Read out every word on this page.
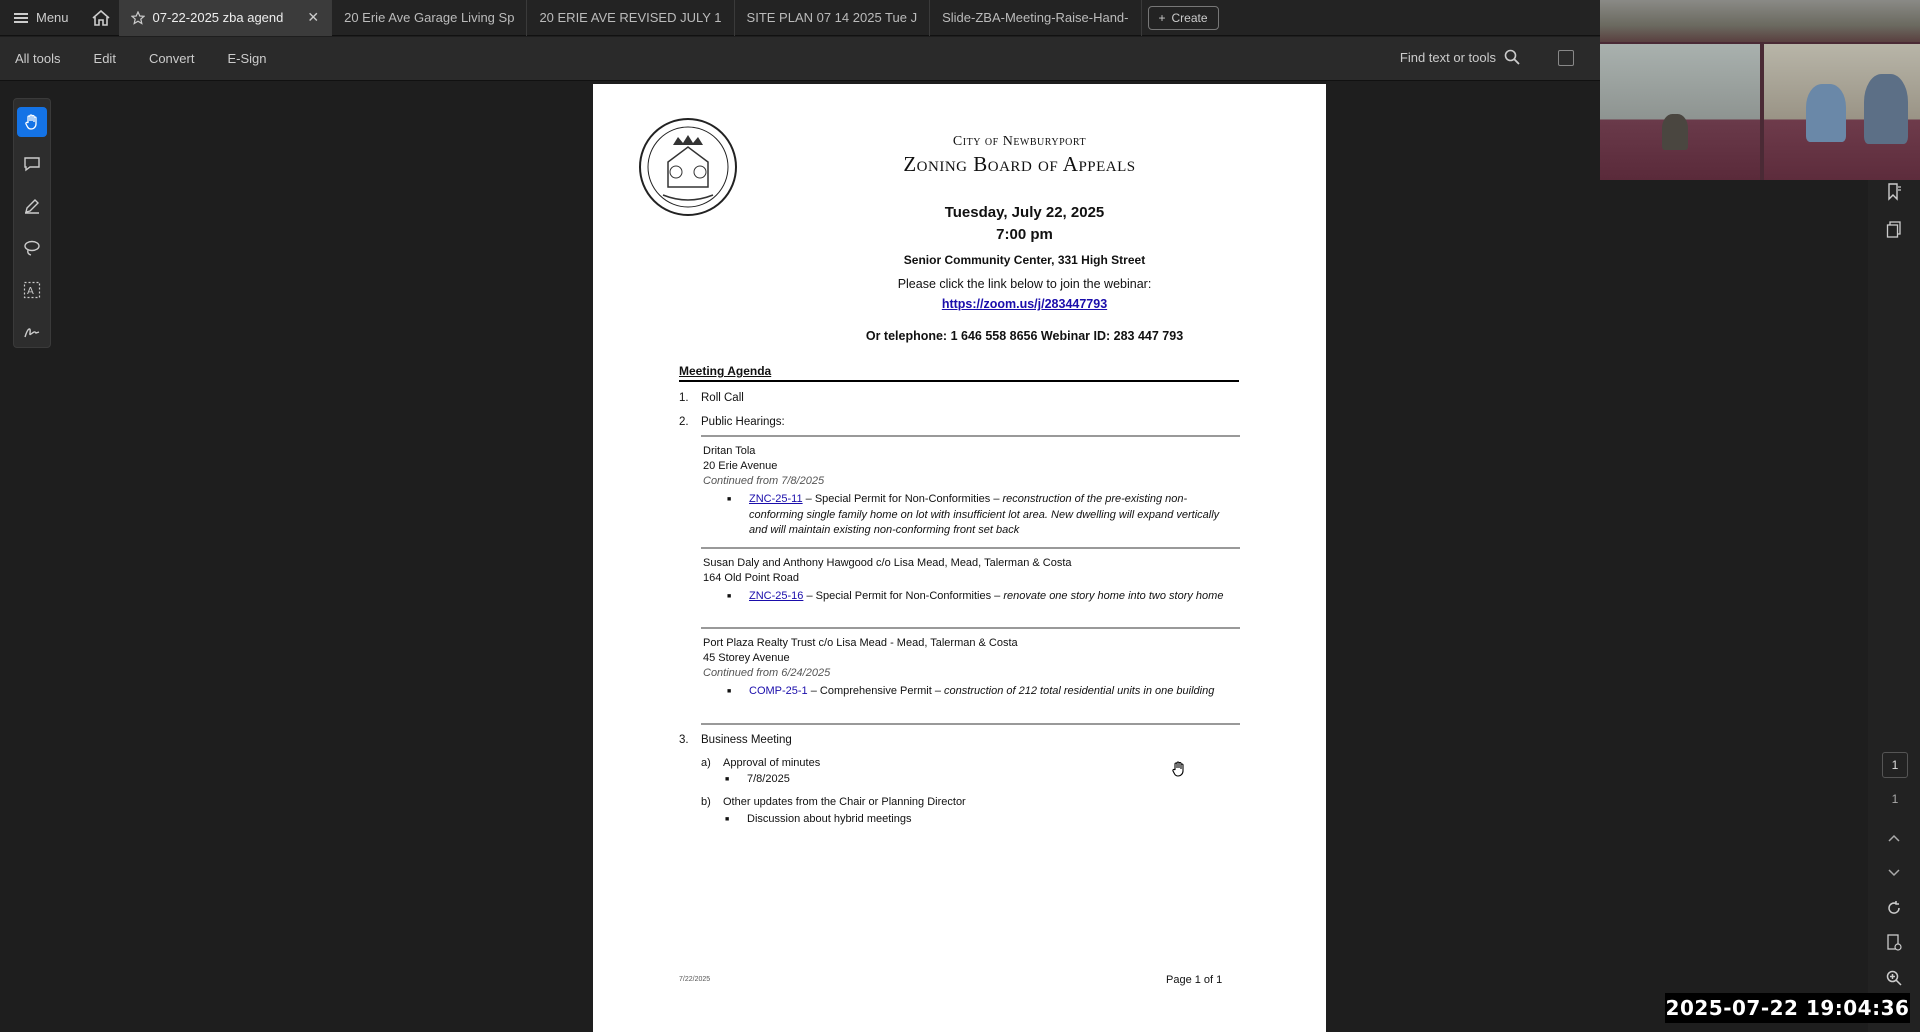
Menu	07-22-2025 zba agend ✕ 20 Erie Ave Garage Living Sp 20 ERIE AVE REVISED JULY 1 SITE PLAN 07 14 2025 Tue J Slide-ZBA-Meeting-Raise-Hand-	+ Create
All tools	Edit	Convert	E-Sign	Find text or tools
A
City of Newburyport
Zoning Board of Appeals
Tuesday, July 22, 2025
7:00 pm
Senior Community Center, 331 High Street
Please click the link below to join the webinar:
https://zoom.us/j/283447793
Or telephone: 1 646 558 8656 Webinar ID: 283 447 793
Meeting Agenda
1. Roll Call
2. Public Hearings:
Dritan Tola
20 Erie Avenue
Continued from 7/8/2025
■ ZNC-25-11 – Special Permit for Non-Conformities – reconstruction of the pre-existing non-conforming single family home on lot with insufficient lot area. New dwelling will expand vertically and will maintain existing non-conforming front set back
Susan Daly and Anthony Hawgood c/o Lisa Mead, Mead, Talerman & Costa
164 Old Point Road
■ ZNC-25-16 – Special Permit for Non-Conformities – renovate one story home into two story home
Port Plaza Realty Trust c/o Lisa Mead - Mead, Talerman & Costa
45 Storey Avenue
Continued from 6/24/2025
■ COMP-25-1 – Comprehensive Permit – construction of 212 total residential units in one building
3. Business Meeting
a) Approval of minutes
■ 7/8/2025
b) Other updates from the Chair or Planning Director
■ Discussion about hybrid meetings
7/22/2025	Page 1 of 1
1
1
2025-07-22 19:04:36
